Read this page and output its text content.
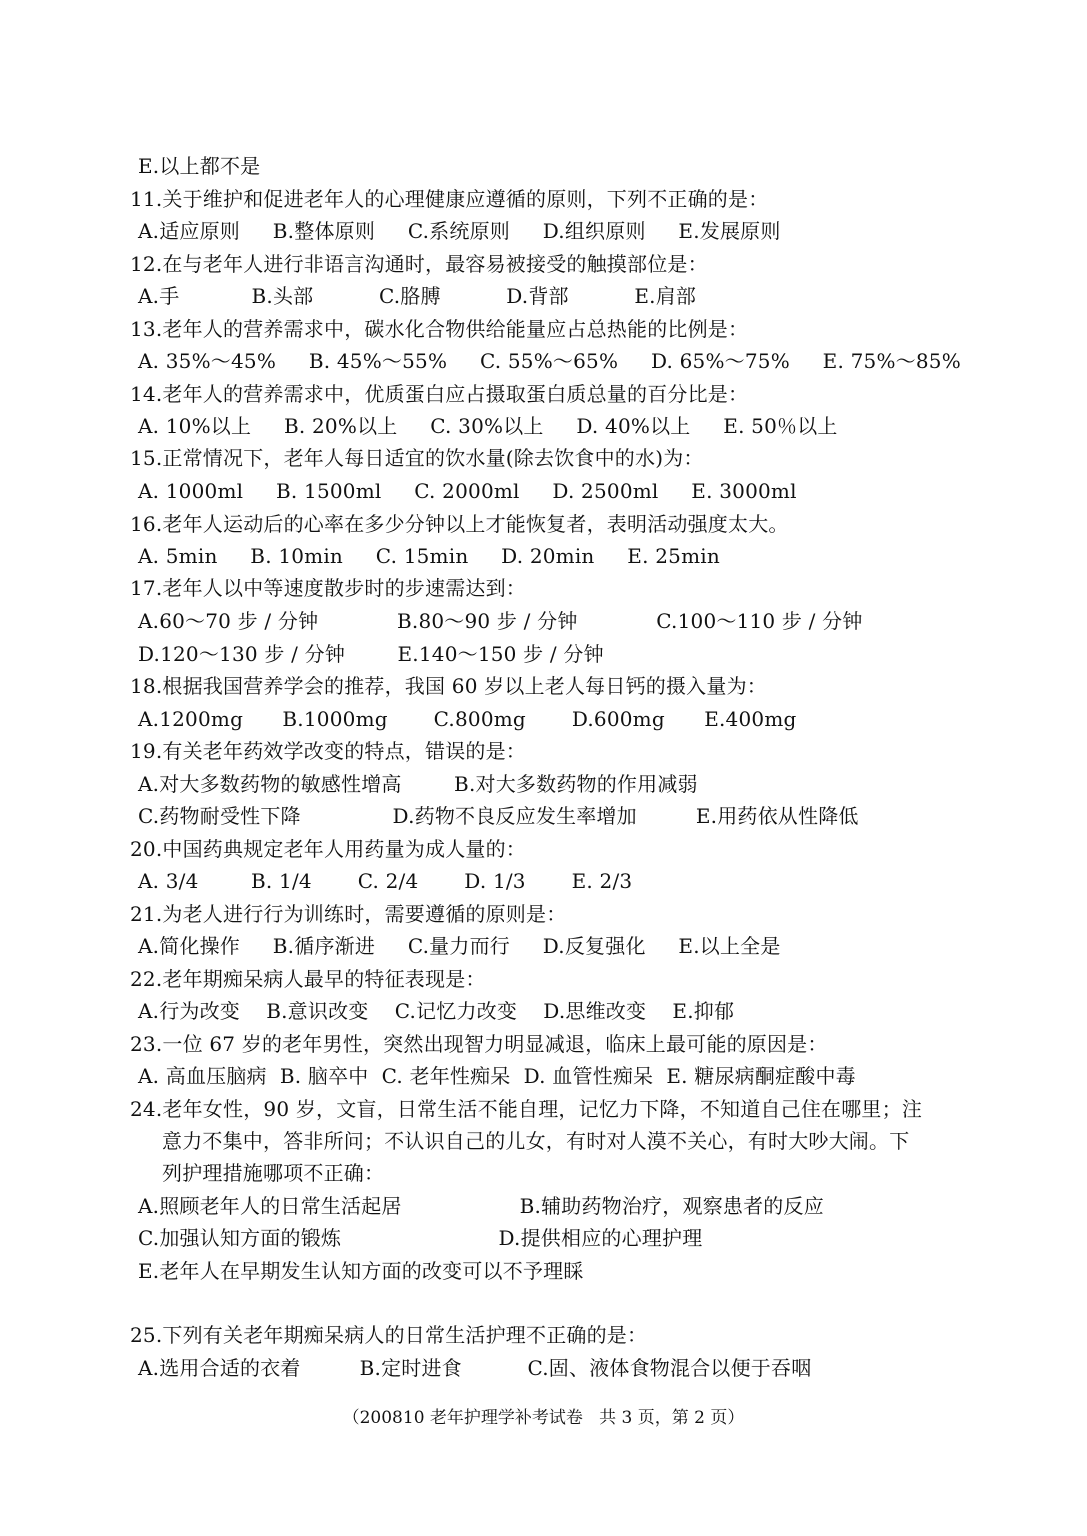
E.以上都不是
11.关于维护和促进老年人的心理健康应遵循的原则，下列不正确的是：
A.适应原则     B.整体原则     C.系统原则     D.组织原则     E.发展原则
12.在与老年人进行非语言沟通时，最容易被接受的触摸部位是：
A.手           B.头部          C.胳膊          D.背部          E.肩部
13.老年人的营养需求中，碳水化合物供给能量应占总热能的比例是：
A. 35%～45%     B. 45%～55%     C. 55%～65%     D. 65%～75%     E. 75%～85%
14.老年人的营养需求中，优质蛋白应占摄取蛋白质总量的百分比是：
A. 10%以上     B. 20%以上     C. 30%以上     D. 40%以上     E. 50％以上
15.正常情况下，老年人每日适宜的饮水量(除去饮食中的水)为：
A. 1000ml     B. 1500ml     C. 2000ml     D. 2500ml     E. 3000ml
16.老年人运动后的心率在多少分钟以上才能恢复者，表明活动强度太大。
A. 5min     B. 10min     C. 15min     D. 20min     E. 25min
17.老年人以中等速度散步时的步速需达到：
A.60～70 步 / 分钟            B.80～90 步 / 分钟            C.100～110 步 / 分钟
D.120～130 步 / 分钟        E.140～150 步 / 分钟
18.根据我国营养学会的推荐，我国 60 岁以上老人每日钙的摄入量为：
A.1200mg      B.1000mg       C.800mg       D.600mg      E.400mg
19.有关老年药效学改变的特点，错误的是：
A.对大多数药物的敏感性增高        B.对大多数药物的作用减弱
C.药物耐受性下降              D.药物不良反应发生率增加         E.用药依从性降低
20.中国药典规定老年人用药量为成人量的：
A. 3/4        B. 1/4       C. 2/4       D. 1/3       E. 2/3
21.为老人进行行为训练时，需要遵循的原则是：
A.简化操作     B.循序渐进     C.量力而行     D.反复强化     E.以上全是
22.老年期痴呆病人最早的特征表现是：
A.行为改变    B.意识改变    C.记忆力改变    D.思维改变    E.抑郁
23.一位 67 岁的老年男性，突然出现智力明显减退，临床上最可能的原因是：
A. 高血压脑病  B. 脑卒中  C. 老年性痴呆  D. 血管性痴呆  E. 糖尿病酮症酸中毒
24.老年女性，90 岁，文盲，日常生活不能自理，记忆力下降，不知道自己住在哪里；注
意力不集中，答非所问；不认识自己的儿女，有时对人漠不关心，有时大吵大闹。下
列护理措施哪项不正确：
A.照顾老年人的日常生活起居                  B.辅助药物治疗，观察患者的反应
C.加强认知方面的锻炼                        D.提供相应的心理护理
E.老年人在早期发生认知方面的改变可以不予理睬
25.下列有关老年期痴呆病人的日常生活护理不正确的是：
A.选用合适的衣着         B.定时进食          C.固、液体食物混合以便于吞咽
（200810 老年护理学补考试卷   共 3 页，第 2 页）
